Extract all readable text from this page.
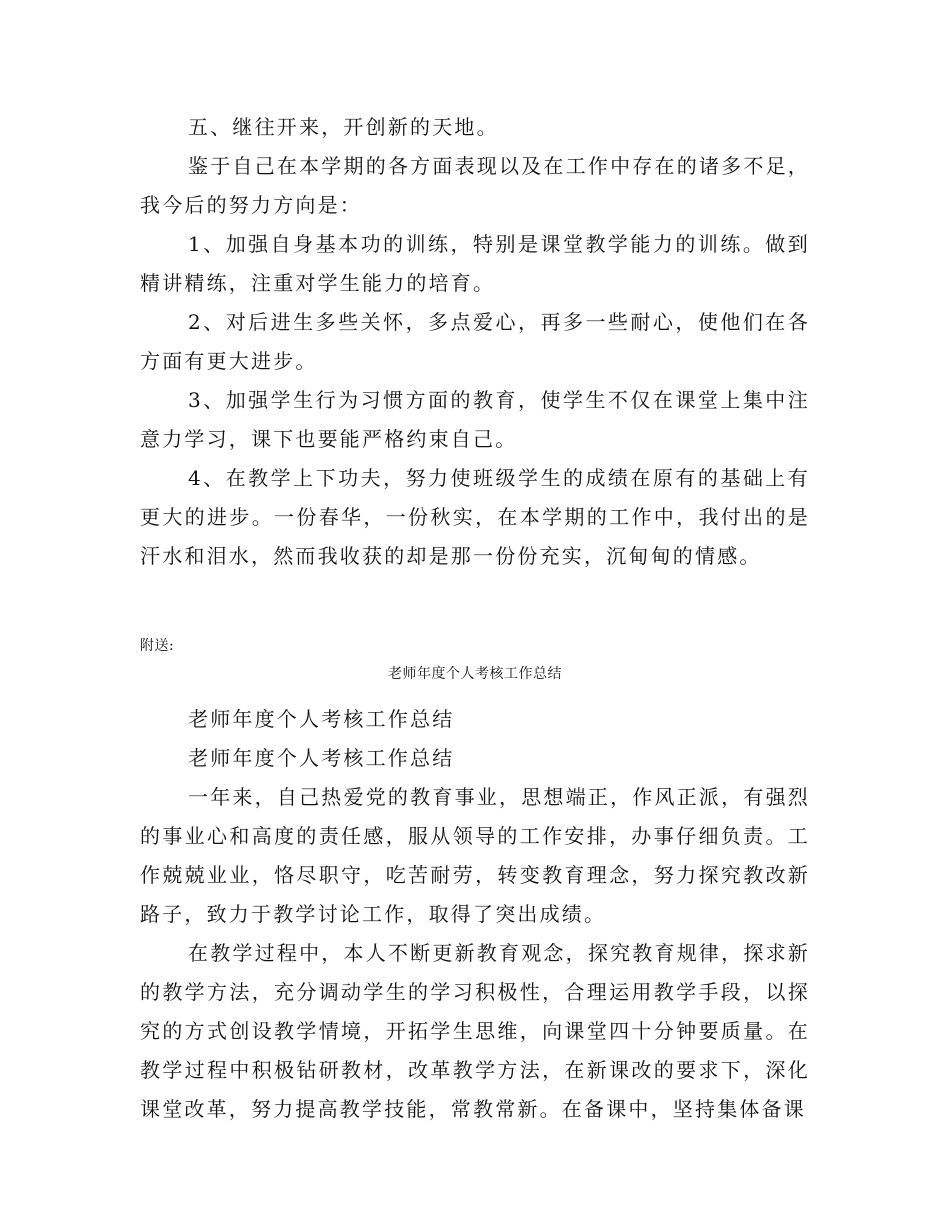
五、继往开来，开创新的天地。

鉴于自己在本学期的各方面表现以及在工作中存在的诸多不足，我今后的努力方向是：

1、加强自身基本功的训练，特别是课堂教学能力的训练。做到精讲精练，注重对学生能力的培育。

2、对后进生多些关怀，多点爱心，再多一些耐心，使他们在各方面有更大进步。

3、加强学生行为习惯方面的教育，使学生不仅在课堂上集中注意力学习，课下也要能严格约束自己。

4、在教学上下功夫，努力使班级学生的成绩在原有的基础上有更大的进步。一份春华，一份秋实，在本学期的工作中，我付出的是汗水和泪水，然而我收获的却是那一份份充实，沉甸甸的情感。

附送:

老师年度个人考核工作总结

老师年度个人考核工作总结

老师年度个人考核工作总结

一年来，自己热爱党的教育事业，思想端正，作风正派，有强烈的事业心和高度的责任感，服从领导的工作安排，办事仔细负责。工作兢兢业业，恪尽职守，吃苦耐劳，转变教育理念，努力探究教改新路子，致力于教学讨论工作，取得了突出成绩。

在教学过程中，本人不断更新教育观念，探究教育规律，探求新的教学方法，充分调动学生的学习积极性，合理运用教学手段，以探究的方式创设教学情境，开拓学生思维，向课堂四十分钟要质量。在教学过程中积极钻研教材，改革教学方法，在新课改的要求下，深化课堂改革，努力提高教学技能，常教常新。在备课中，坚持集体备课
